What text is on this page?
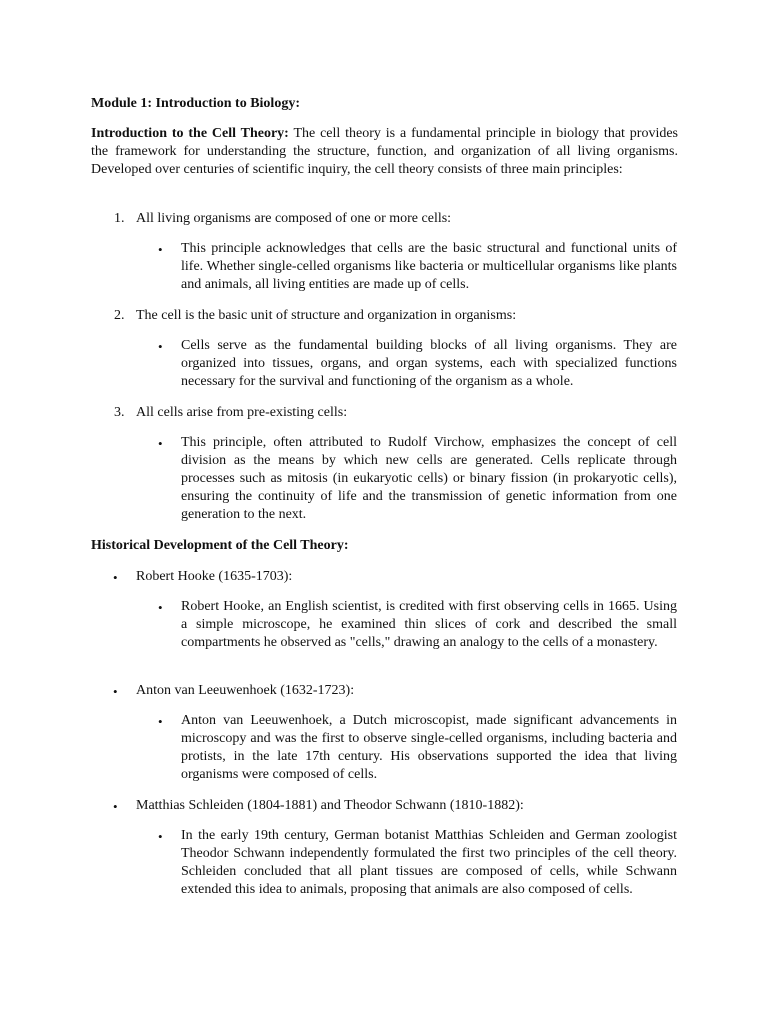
Module 1: Introduction to Biology:

Introduction to the Cell Theory: The cell theory is a fundamental principle in biology that provides the framework for understanding the structure, function, and organization of all living organisms. Developed over centuries of scientific inquiry, the cell theory consists of three main principles:

1. All living organisms are composed of one or more cells:
•	This principle acknowledges that cells are the basic structural and functional units of life. Whether single-celled organisms like bacteria or multicellular organisms like plants and animals, all living entities are made up of cells.

2. The cell is the basic unit of structure and organization in organisms:
•	Cells serve as the fundamental building blocks of all living organisms. They are organized into tissues, organs, and organ systems, each with specialized functions necessary for the survival and functioning of the organism as a whole.

3. All cells arise from pre-existing cells:
•	This principle, often attributed to Rudolf Virchow, emphasizes the concept of cell division as the means by which new cells are generated. Cells replicate through processes such as mitosis (in eukaryotic cells) or binary fission (in prokaryotic cells), ensuring the continuity of life and the transmission of genetic information from one generation to the next.

Historical Development of the Cell Theory:

•	Robert Hooke (1635-1703):
•	Robert Hooke, an English scientist, is credited with first observing cells in 1665. Using a simple microscope, he examined thin slices of cork and described the small compartments he observed as "cells," drawing an analogy to the cells of a monastery.

•	Anton van Leeuwenhoek (1632-1723):
•	Anton van Leeuwenhoek, a Dutch microscopist, made significant advancements in microscopy and was the first to observe single-celled organisms, including bacteria and protists, in the late 17th century. His observations supported the idea that living organisms were composed of cells.

•	Matthias Schleiden (1804-1881) and Theodor Schwann (1810-1882):
•	In the early 19th century, German botanist Matthias Schleiden and German zoologist Theodor Schwann independently formulated the first two principles of the cell theory. Schleiden concluded that all plant tissues are composed of cells, while Schwann extended this idea to animals, proposing that animals are also composed of cells.
